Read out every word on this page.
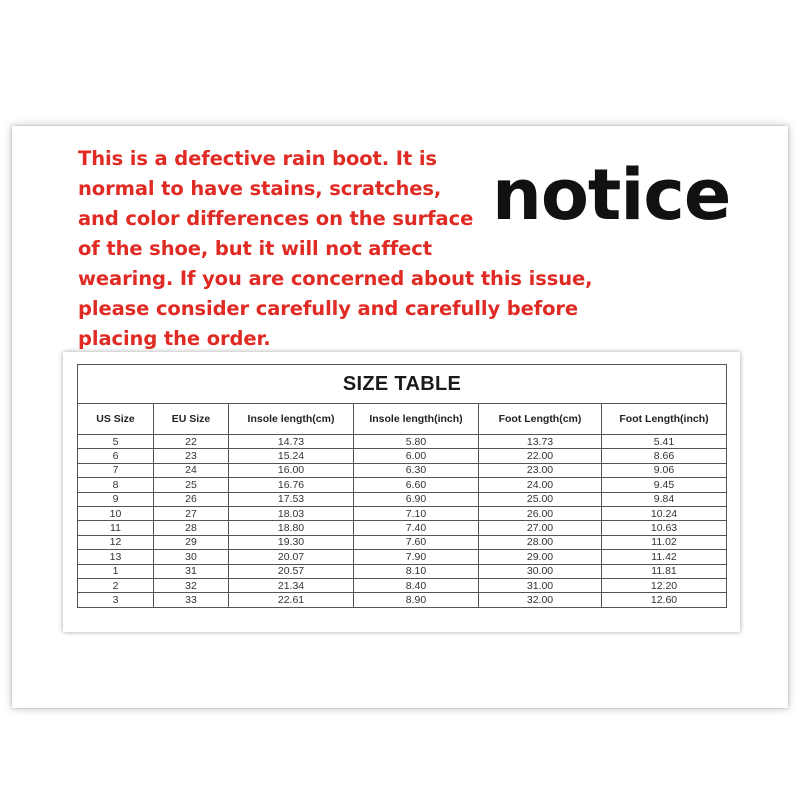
This is a defective rain boot. It is
normal to have stains, scratches,
and color differences on the surface
of the shoe, but it will not affect
wearing. If you are concerned about this issue,
please consider carefully and carefully before
placing the order.

notice
SIZE TABLE					
US Size	EU Size	Insole length(cm)	Insole length(inch)	Foot Length(cm)	Foot Length(inch)
5	22	14.73	5.80	13.73	5.41
6	23	15.24	6.00	22.00	8.66
7	24	16.00	6.30	23.00	9.06
8	25	16.76	6.60	24.00	9.45
9	26	17.53	6.90	25.00	9.84
10	27	18.03	7.10	26.00	10.24
11	28	18.80	7.40	27.00	10.63
12	29	19.30	7.60	28.00	11.02
13	30	20.07	7.90	29.00	11.42
1	31	20.57	8.10	30.00	11.81
2	32	21.34	8.40	31.00	12.20
3	33	22.61	8.90	32.00	12.60
